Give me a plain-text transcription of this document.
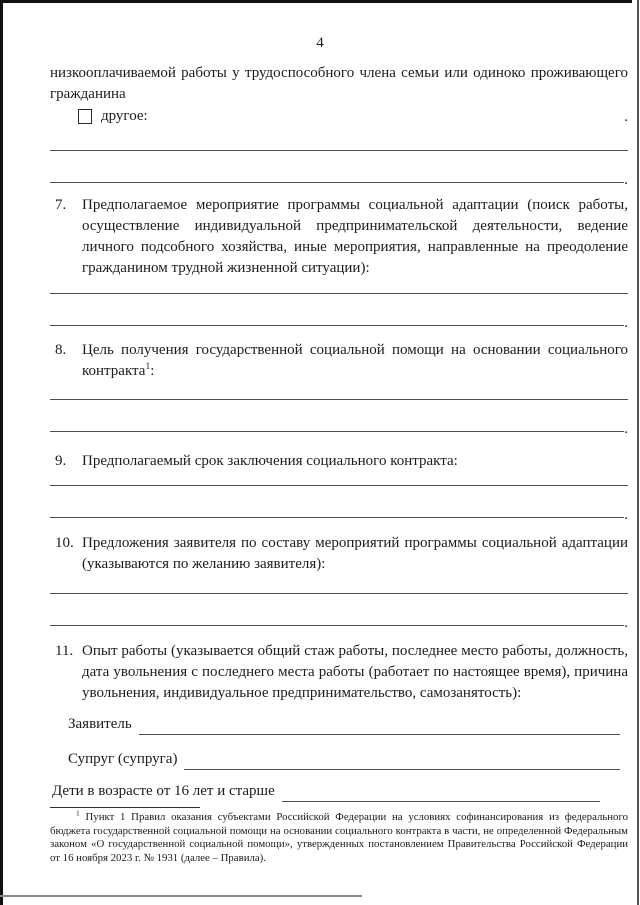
4

низкооплачиваемой работы у трудоспособного члена семьи или одиноко проживающего гражданина

другое:	.
.
7.	Предполагаемое мероприятие программы социальной адаптации (поиск работы, осуществление индивидуальной предпринимательской деятельности, ведение личного подсобного хозяйства, иные мероприятия, направленные на преодоление гражданином трудной жизненной ситуации):
.
8.	Цель получения государственной социальной помощи на основании социального контракта$^1$:
.
9.	Предполагаемый срок заключения социального контракта:
.
10. Предложения заявителя по составу мероприятий программы социальной адаптации (указываются по желанию заявителя):
.
11. Опыт работы (указывается общий стаж работы, последнее место работы, должность, дата увольнения с последнего места работы (работает по настоящее время), причина увольнения, индивидуальное предпринимательство, самозанятость):
Заявитель
Супруг (супруга)
Дети в возрасте от 16 лет и старше

$^1$ Пункт 1 Правил оказания субъектами Российской Федерации на условиях софинансирования из федерального бюджета государственной социальной помощи на основании социального контракта в части, не определенной Федеральным законом «О государственной социальной помощи», утвержденных постановлением Правительства Российской Федерации от 16 ноября 2023 г. № 1931 (далее – Правила).
